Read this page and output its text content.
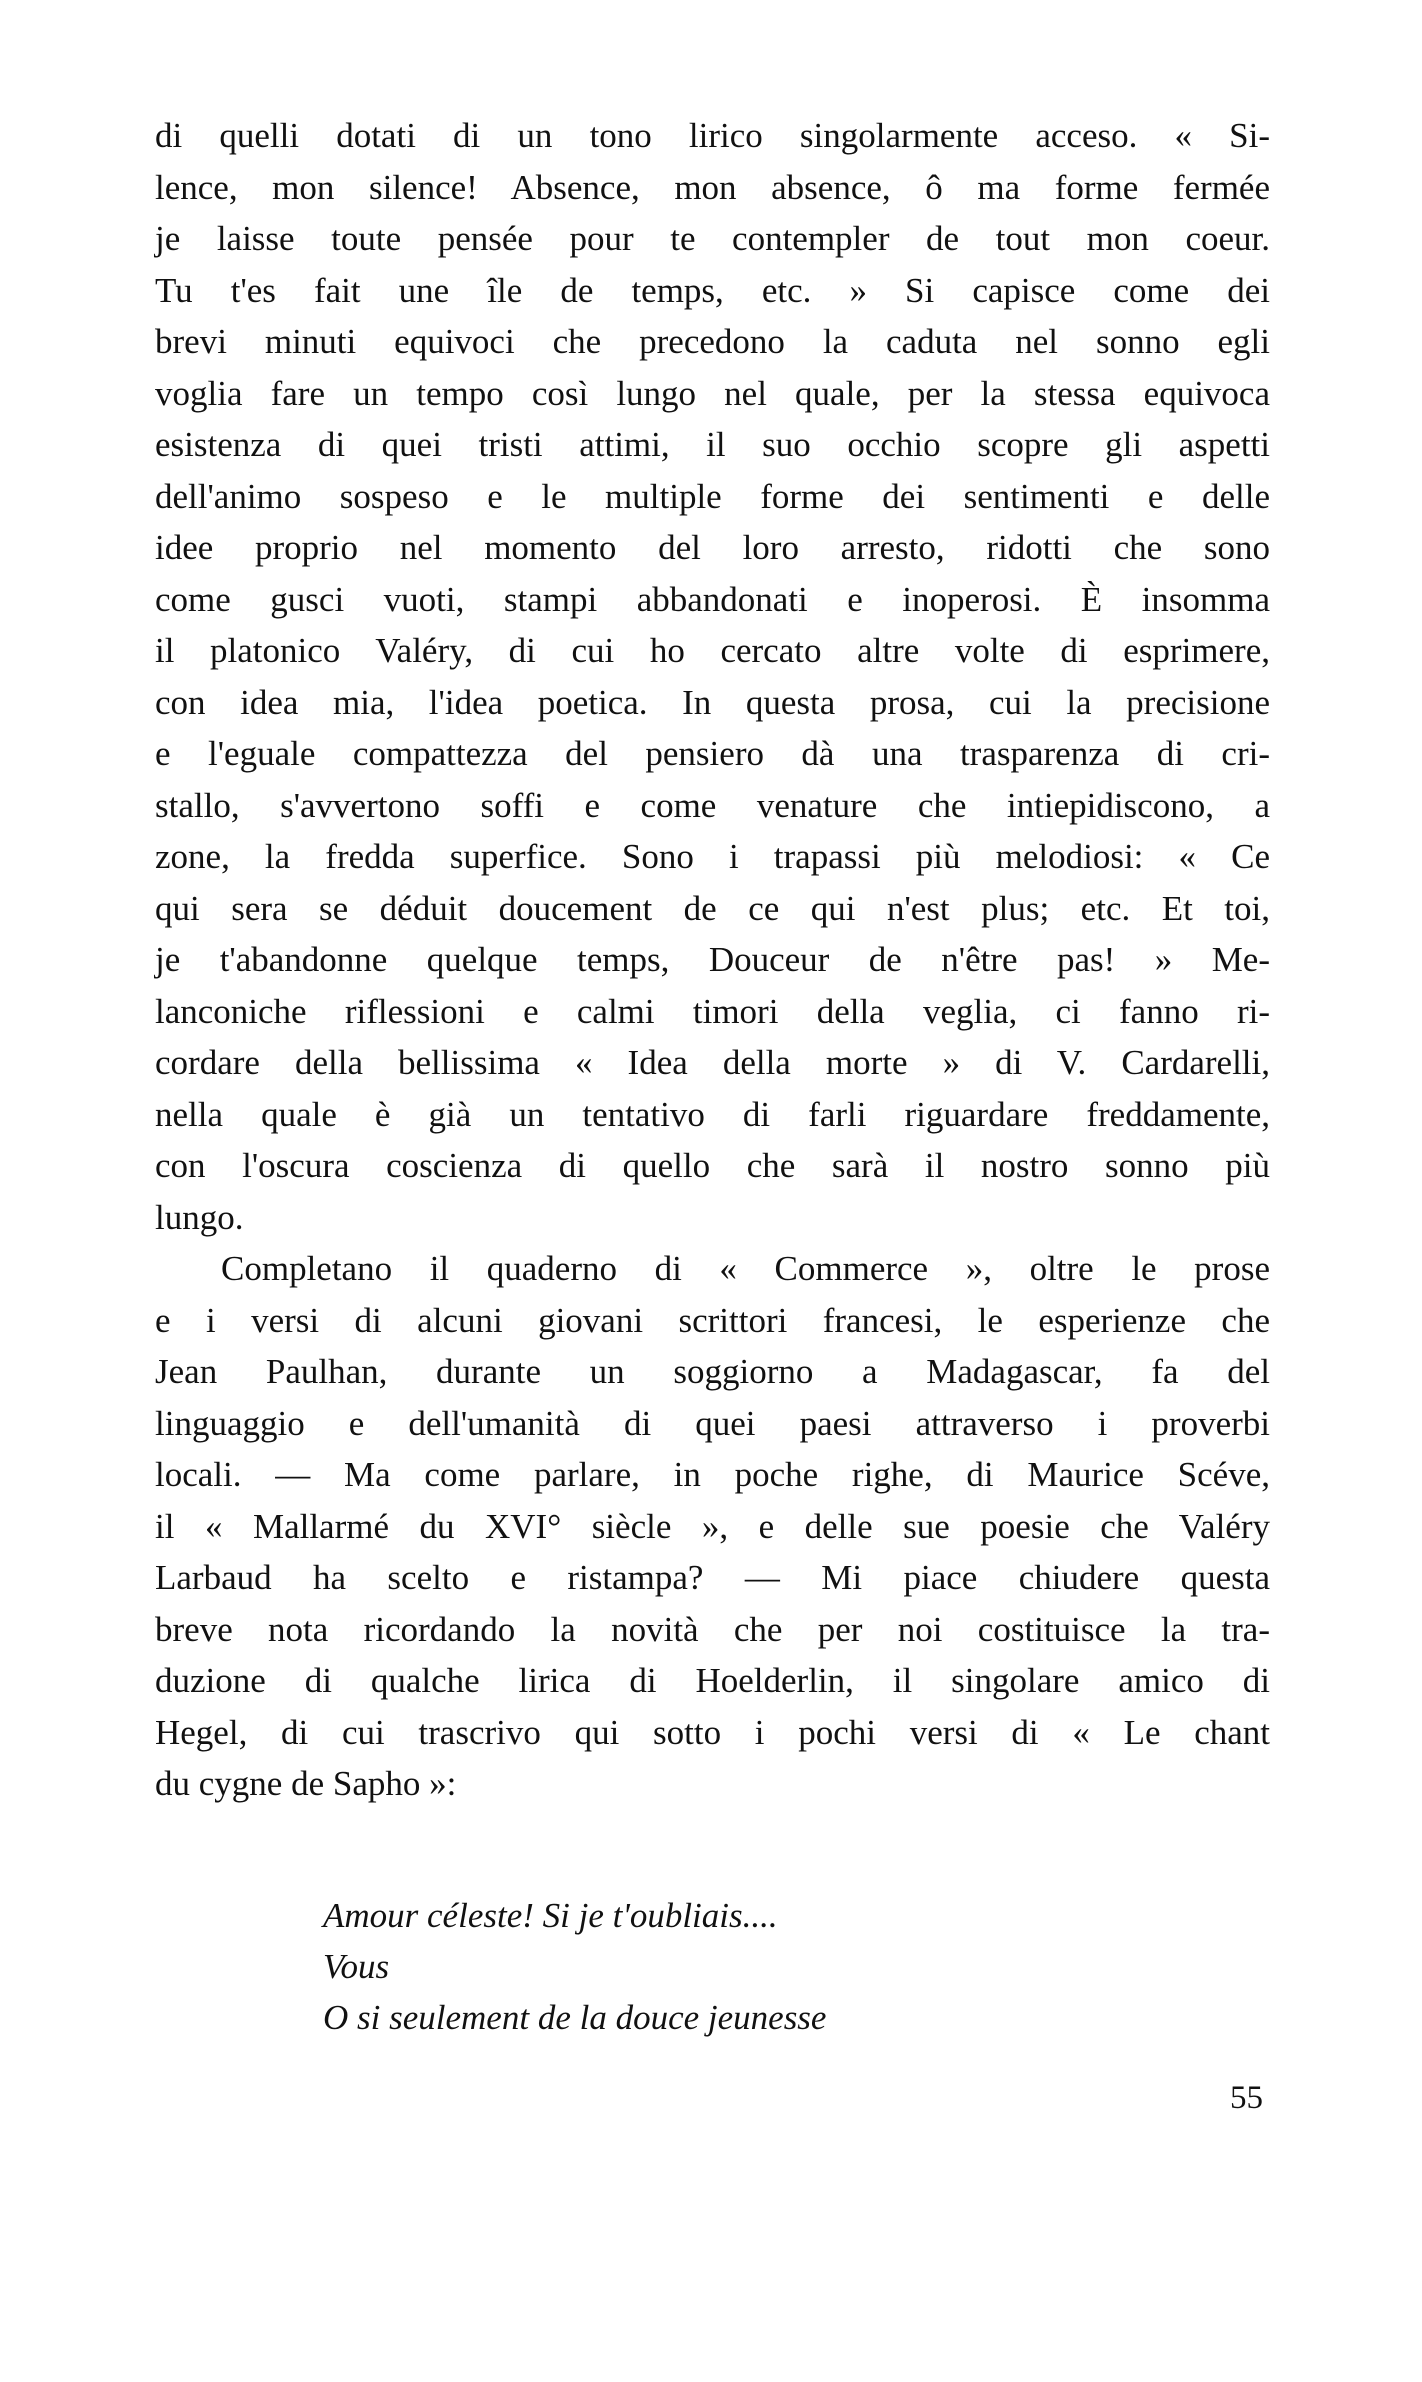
di quelli dotati di un tono lirico singolarmente acceso. « Si-
lence, mon silence! Absence, mon absence, ô ma forme fermée
je laisse toute pensée pour te contempler de tout mon coeur.
Tu t'es fait une île de temps, etc. » Si capisce come dei
brevi minuti equivoci che precedono la caduta nel sonno egli
voglia fare un tempo così lungo nel quale, per la stessa equivoca
esistenza di quei tristi attimi, il suo occhio scopre gli aspetti
dell'animo sospeso e le multiple forme dei sentimenti e delle
idee proprio nel momento del loro arresto, ridotti che sono
come gusci vuoti, stampi abbandonati e inoperosi. È insomma
il platonico Valéry, di cui ho cercato altre volte di esprimere,
con idea mia, l'idea poetica. In questa prosa, cui la precisione
e l'eguale compattezza del pensiero dà una trasparenza di cri-
stallo, s'avvertono soffi e come venature che intiepidiscono, a
zone, la fredda superfice. Sono i trapassi più melodiosi: « Ce
qui sera se déduit doucement de ce qui n'est plus; etc. Et toi,
je t'abandonne quelque temps, Douceur de n'être pas! » Me-
lanconiche riflessioni e calmi timori della veglia, ci fanno ri-
cordare della bellissima « Idea della morte » di V. Cardarelli,
nella quale è già un tentativo di farli riguardare freddamente,
con l'oscura coscienza di quello che sarà il nostro sonno più
lungo.
Completano il quaderno di « Commerce », oltre le prose
e i versi di alcuni giovani scrittori francesi, le esperienze che
Jean Paulhan, durante un soggiorno a Madagascar, fa del
linguaggio e dell'umanità di quei paesi attraverso i proverbi
locali. — Ma come parlare, in poche righe, di Maurice Scéve,
il « Mallarmé du XVI° siècle », e delle sue poesie che Valéry
Larbaud ha scelto e ristampa? — Mi piace chiudere questa
breve nota ricordando la novità che per noi costituisce la tra-
duzione di qualche lirica di Hoelderlin, il singolare amico di
Hegel, di cui trascrivo qui sotto i pochi versi di « Le chant
du cygne de Sapho »:
Amour céleste! Si je t'oubliais....
Vous
O si seulement de la douce jeunesse
55
